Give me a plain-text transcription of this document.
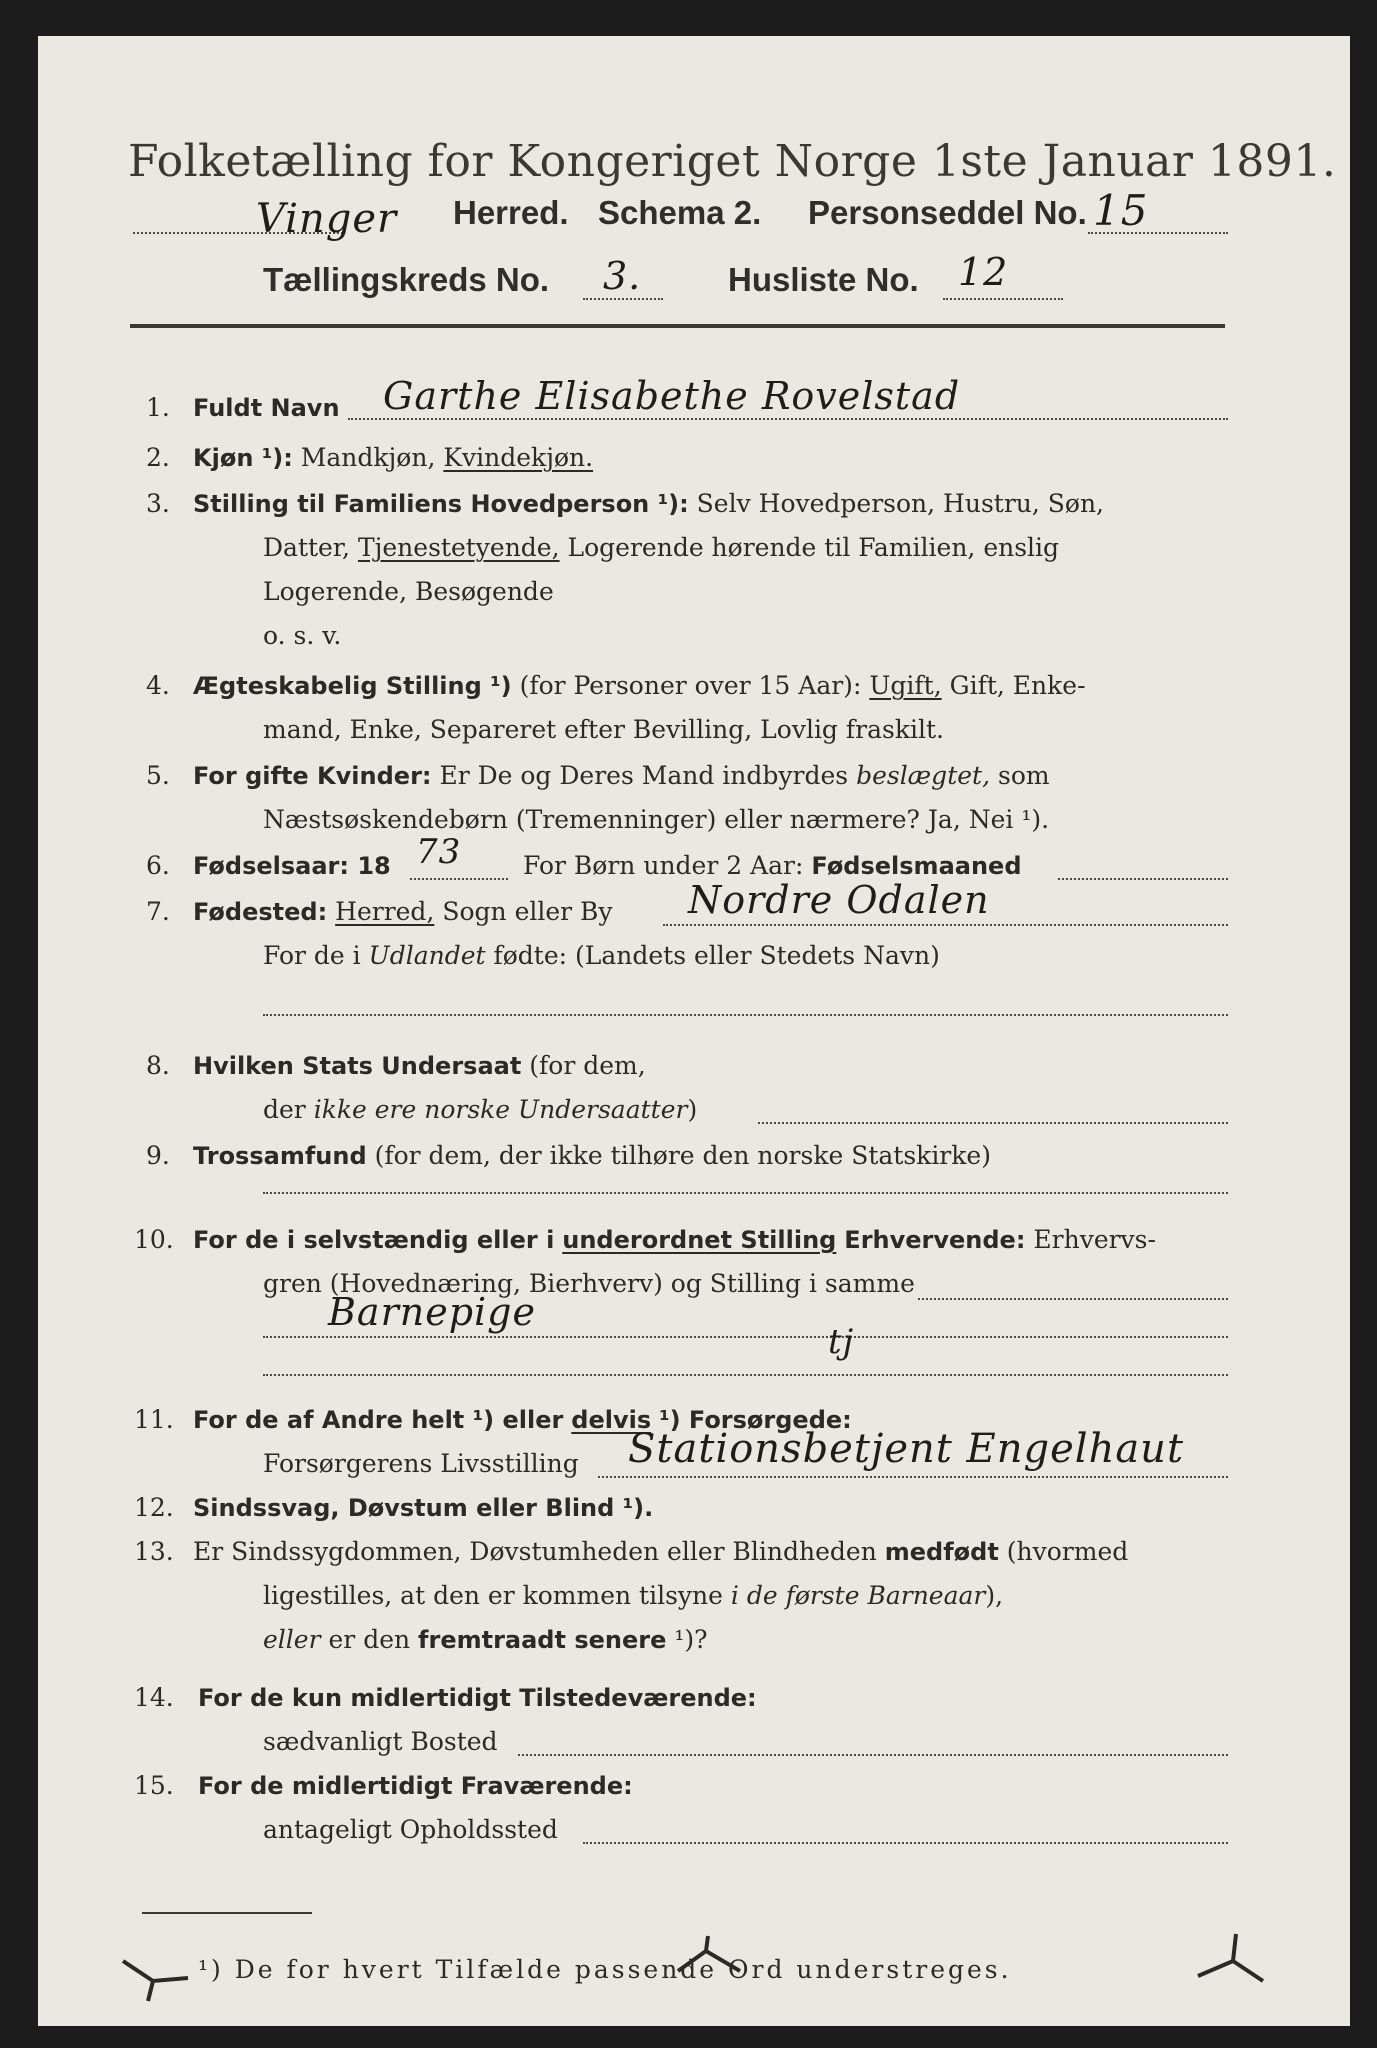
Folketælling for Kongeriget Norge 1ste Januar 1891.
Vinger Herred. Schema 2. Personseddel No. 15
Tællingskreds No. 3.	Husliste No. 12
1. Fuldt Navn Garthe Elisabethe Rovelstad
2. Kjøn ¹): Mandkjøn, Kvindekjøn.
3. Stilling til Familiens Hovedperson ¹): Selv Hovedperson, Hustru, Søn,
Datter, Tjenestetyende, Logerende hørende til Familien, enslig
Logerende, Besøgende
o. s. v.
4. Ægteskabelig Stilling ¹) (for Personer over 15 Aar): Ugift, Gift, Enke-
mand, Enke, Separeret efter Bevilling, Lovlig fraskilt.
5. For gifte Kvinder: Er De og Deres Mand indbyrdes beslægtet, som
Næstsøskendebørn (Tremenninger) eller nærmere? Ja, Nei ¹).
6. Fødselsaar: 18 73 For Børn under 2 Aar: Fødselsmaaned
7. Fødested: Herred, Sogn eller By Nordre Odalen
For de i Udlandet fødte: (Landets eller Stedets Navn)
8. Hvilken Stats Undersaat (for dem,
der ikke ere norske Undersaatter)
9. Trossamfund (for dem, der ikke tilhøre den norske Statskirke)
10. For de i selvstændig eller i underordnet Stilling Erhvervende: Erhvervs-
gren (Hovednæring, Bierhverv) og Stilling i samme
Barnepige
tj
11. For de af Andre helt ¹) eller delvis ¹) Forsørgede:
Forsørgerens Livsstilling Stationsbetjent Engelhaut
12. Sindssvag, Døvstum eller Blind ¹).
13. Er Sindssygdommen, Døvstumheden eller Blindheden medfødt (hvormed
ligestilles, at den er kommen tilsyne i de første Barneaar),
eller er den fremtraadt senere ¹)?
14. For de kun midlertidigt Tilstedeværende:
sædvanligt Bosted
15. For de midlertidigt Fraværende:
antageligt Opholdssted
¹) De for hvert Tilfælde passende Ord understreges.
